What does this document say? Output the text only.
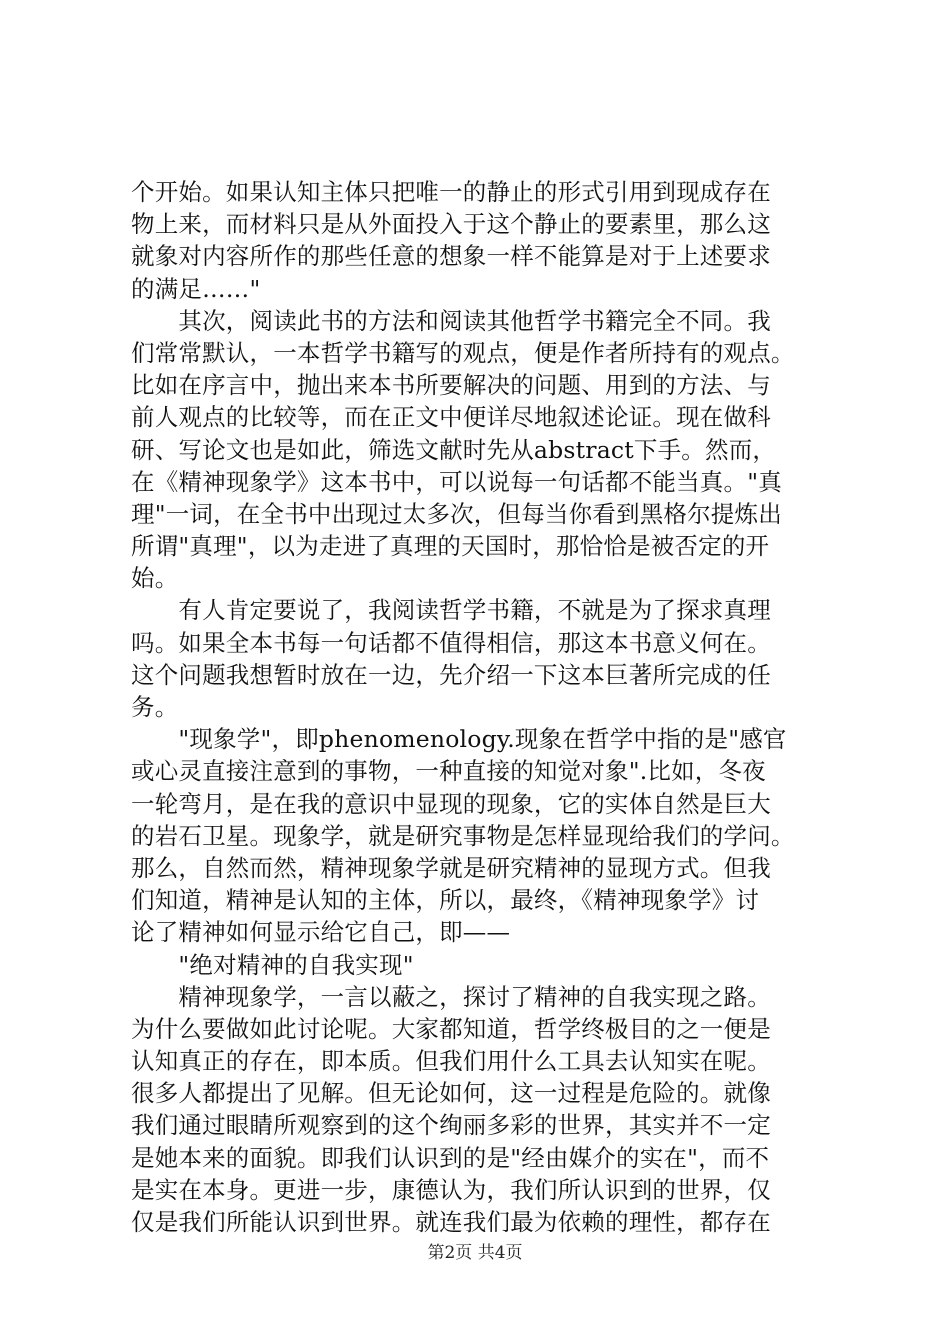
个开始。如果认知主体只把唯一的静止的形式引用到现成存在
物上来，而材料只是从外面投入于这个静止的要素里，那么这
就象对内容所作的那些任意的想象一样不能算是对于上述要求
的满足……"
　　其次，阅读此书的方法和阅读其他哲学书籍完全不同。我
们常常默认，一本哲学书籍写的观点，便是作者所持有的观点。
比如在序言中，抛出来本书所要解决的问题、用到的方法、与
前人观点的比较等，而在正文中便详尽地叙述论证。现在做科
研、写论文也是如此，筛选文献时先从abstract下手。然而，
在《精神现象学》这本书中，可以说每一句话都不能当真。"真
理"一词，在全书中出现过太多次，但每当你看到黑格尔提炼出
所谓"真理"，以为走进了真理的天国时，那恰恰是被否定的开
始。
　　有人肯定要说了，我阅读哲学书籍，不就是为了探求真理
吗。如果全本书每一句话都不值得相信，那这本书意义何在。
这个问题我想暂时放在一边，先介绍一下这本巨著所完成的任
务。
　　"现象学"，即phenomenology.现象在哲学中指的是"感官
或心灵直接注意到的事物，一种直接的知觉对象".比如，冬夜
一轮弯月，是在我的意识中显现的现象，它的实体自然是巨大
的岩石卫星。现象学，就是研究事物是怎样显现给我们的学问。
那么，自然而然，精神现象学就是研究精神的显现方式。但我
们知道，精神是认知的主体，所以，最终，《精神现象学》讨
论了精神如何显示给它自己，即——
　　"绝对精神的自我实现"
　　精神现象学，一言以蔽之，探讨了精神的自我实现之路。
为什么要做如此讨论呢。大家都知道，哲学终极目的之一便是
认知真正的存在，即本质。但我们用什么工具去认知实在呢。
很多人都提出了见解。但无论如何，这一过程是危险的。就像
我们通过眼睛所观察到的这个绚丽多彩的世界，其实并不一定
是她本来的面貌。即我们认识到的是"经由媒介的实在"，而不
是实在本身。更进一步，康德认为，我们所认识到的世界，仅
仅是我们所能认识到世界。就连我们最为依赖的理性，都存在
第2页 共4页
